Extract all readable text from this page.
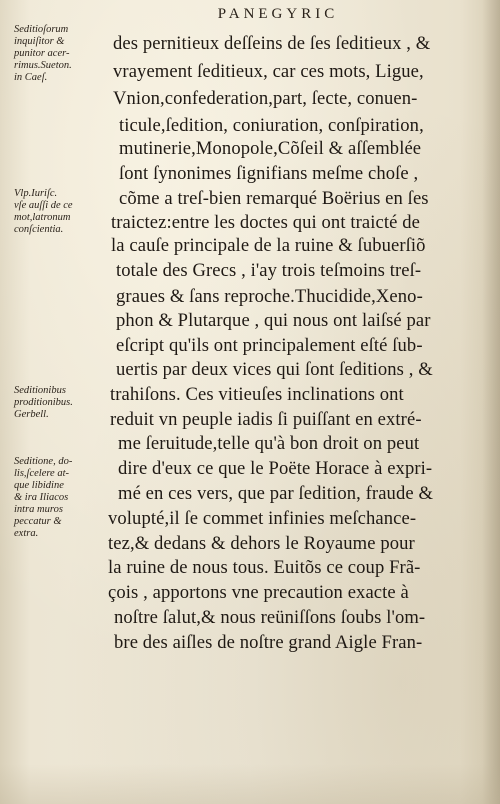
PANEGYRIC
Seditioſorum
inquiſitor &
punitor acer-
rimus.Sueton.
in Caeſ.
Vlp.Iuriſc.
vſe auſſi de ce
mot,latronum
conſcientia.
Seditionibus
proditionibus.
Gerbell.
Seditione, do-
lis,ſcelere at-
que libidine
& ira Iliacos
intra muros
peccatur &
extra.
des pernitieux deſſeins de ſes ſeditieux , &
vrayement ſeditieux, car ces mots, Ligue,
Vnion,confederation,part, ſecte, conuen-
ticule,ſedition, coniuration, conſpiration,
mutinerie,Monopole,Cõſeil & aſſemblée
ſont ſynonimes ſignifians meſme choſe ,
cõme a treſ-bien remarqué Boërius en ſes
traictez:entre les doctes qui ont traicté de
la cauſe principale de la ruine & ſubuerſiõ
totale des Grecs , i'ay trois teſmoins treſ-
graues & ſans reproche.Thucidide,Xeno-
phon & Plutarque , qui nous ont laiſsé par
eſcript qu'ils ont principalement eſté ſub-
uertis par deux vices qui ſont ſeditions , &
trahiſons. Ces vitieuſes inclinations ont
reduit vn peuple iadis ſi puiſſant en extré-
me ſeruitude,telle qu'à bon droit on peut
dire d'eux ce que le Poëte Horace à expri-
mé en ces vers, que par ſedition, fraude &
volupté,il ſe commet infinies meſchance-
tez,& dedans & dehors le Royaume pour
la ruine de nous tous. Euitõs ce coup Frã-
çois , apportons vne precaution exacte à
noſtre ſalut,& nous reüniſſons ſoubs l'om-
bre des aiſles de noſtre grand Aigle Fran-
